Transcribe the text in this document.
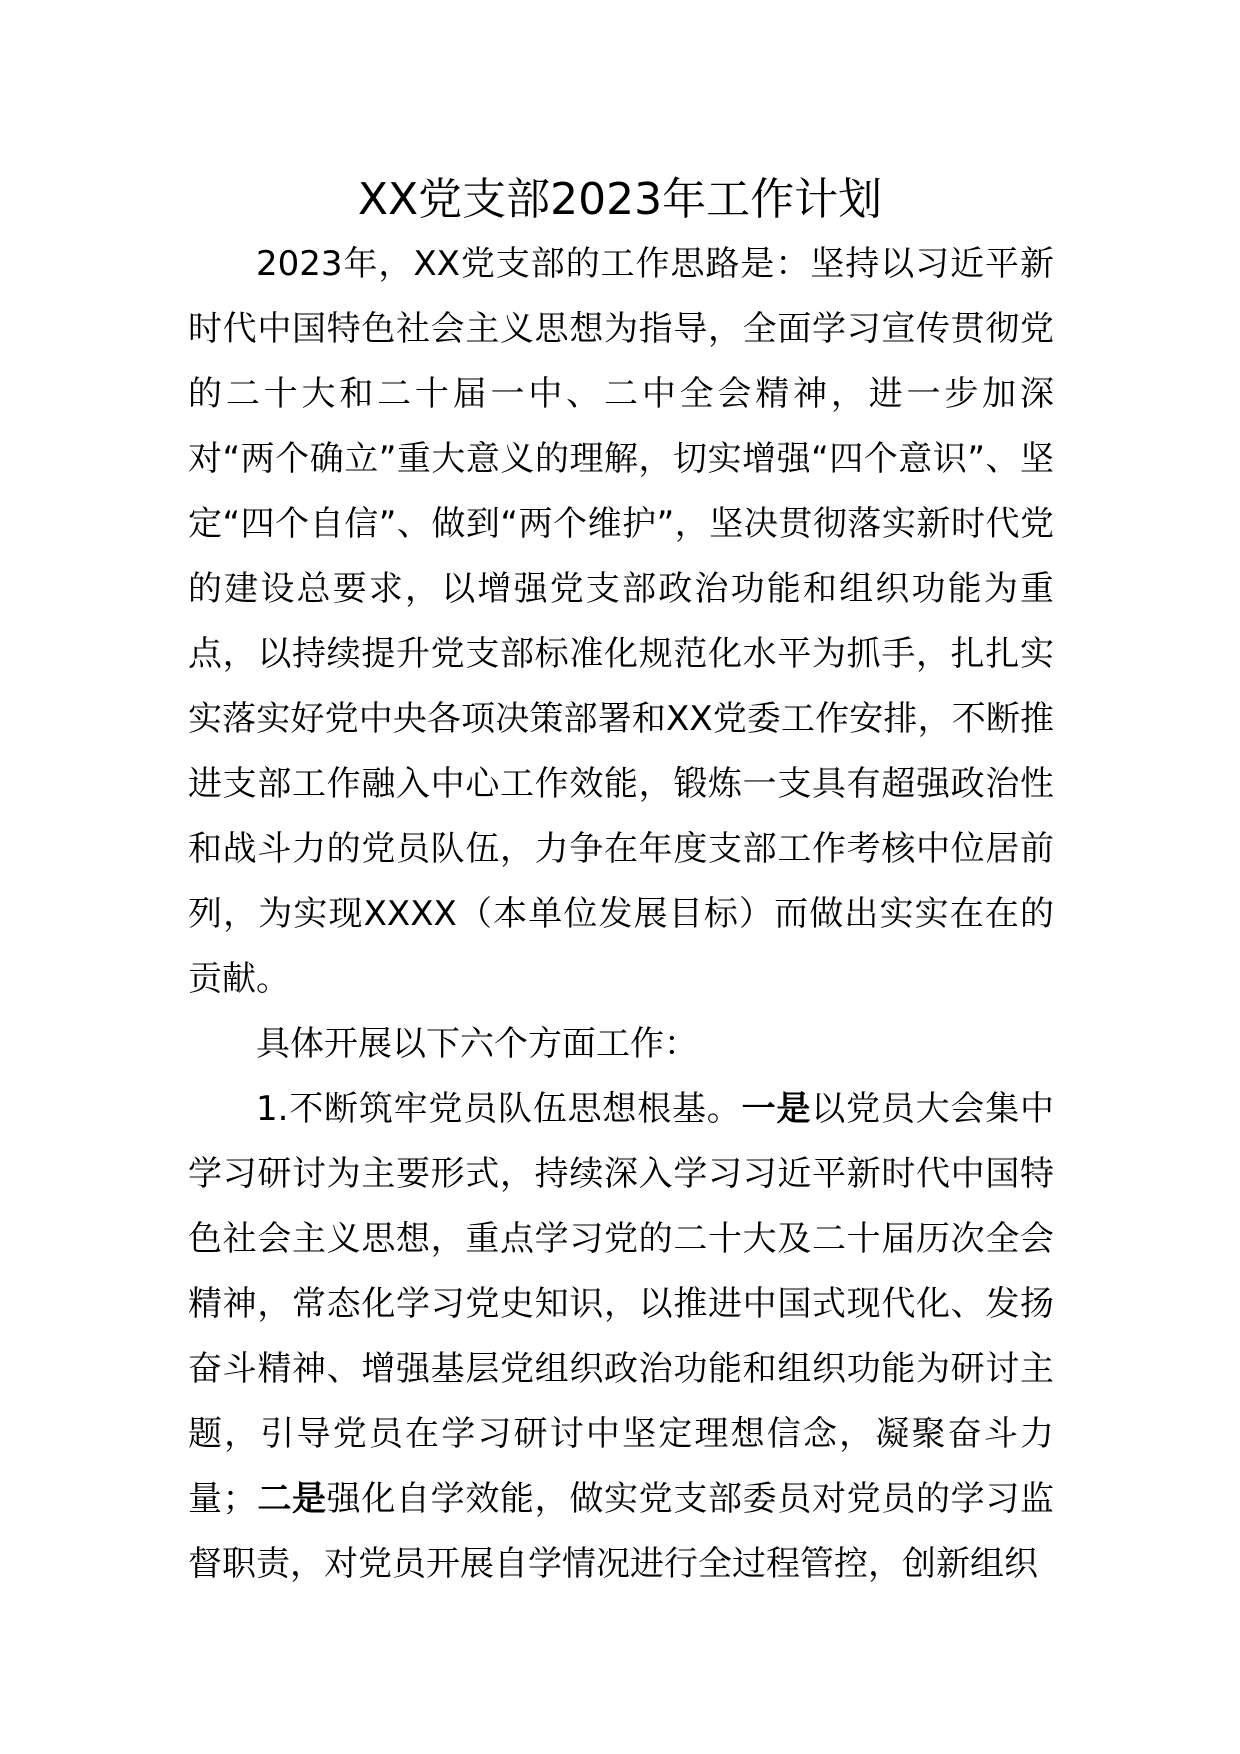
XX党支部2023年工作计划

2023年，XX党支部的工作思路是：坚持以习近平新时代中国特色社会主义思想为指导，全面学习宣传贯彻党的二十大和二十届一中、二中全会精神，进一步加深对“两个确立”重大意义的理解，切实增强“四个意识”、坚定“四个自信”、做到“两个维护”，坚决贯彻落实新时代党的建设总要求，以增强党支部政治功能和组织功能为重点，以持续提升党支部标准化规范化水平为抓手，扎扎实实落实好党中央各项决策部署和XX党委工作安排，不断推进支部工作融入中心工作效能，锻炼一支具有超强政治性和战斗力的党员队伍，力争在年度支部工作考核中位居前列，为实现XXXX（本单位发展目标）而做出实实在在的贡献。

具体开展以下六个方面工作：

1.不断筑牢党员队伍思想根基。一是以党员大会集中学习研讨为主要形式，持续深入学习习近平新时代中国特色社会主义思想，重点学习党的二十大及二十届历次全会精神，常态化学习党史知识，以推进中国式现代化、发扬奋斗精神、增强基层党组织政治功能和组织功能为研讨主题，引导党员在学习研讨中坚定理想信念，凝聚奋斗力量；二是强化自学效能，做实党支部委员对党员的学习监督职责，对党员开展自学情况进行全过程管控，创新组织
